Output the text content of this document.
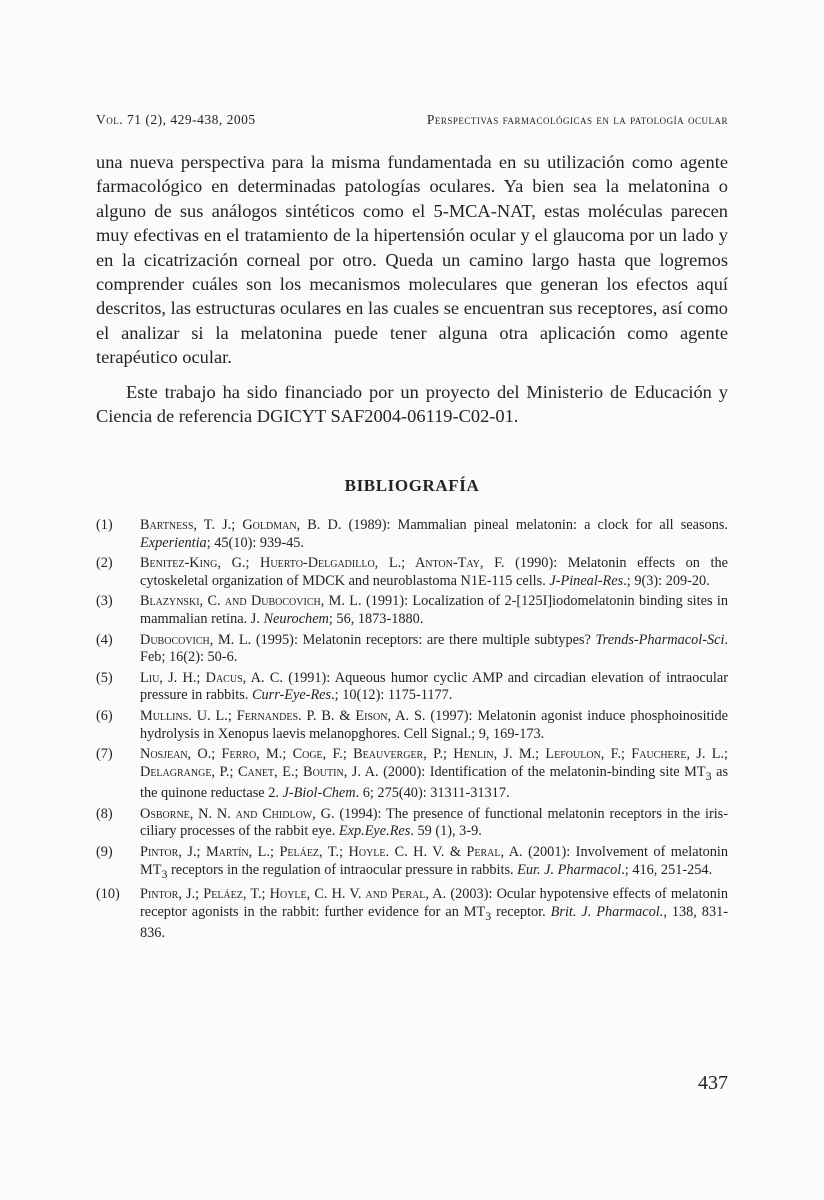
Vol. 71 (2), 429-438, 2005	Perspectivas farmacológicas en la patología ocular

una nueva perspectiva para la misma fundamentada en su utilización como agente farmacológico en determinadas patologías oculares. Ya bien sea la melatonina o alguno de sus análogos sintéticos como el 5-MCA-NAT, estas moléculas parecen muy efectivas en el tratamiento de la hipertensión ocular y el glaucoma por un lado y en la cicatrización corneal por otro. Queda un camino largo hasta que logremos comprender cuáles son los mecanismos moleculares que generan los efectos aquí descritos, las estructuras oculares en las cuales se encuentran sus receptores, así como el analizar si la melatonina puede tener alguna otra aplicación como agente terapéutico ocular.

Este trabajo ha sido financiado por un proyecto del Ministerio de Educación y Ciencia de referencia DGICYT SAF2004-06119-C02-01.

BIBLIOGRAFÍA
(1)	Bartness, T. J.; Goldman, B. D. (1989): Mammalian pineal melatonin: a clock for all seasons. Experientia; 45(10): 939-45.
(2)	Benitez-King, G.; Huerto-Delgadillo, L.; Anton-Tay, F. (1990): Melatonin effects on the cytoskeletal organization of MDCK and neuroblastoma N1E-115 cells. J-Pineal-Res.; 9(3): 209-20.
(3)	Blazynski, C. and Dubocovich, M. L. (1991): Localization of 2-[125I]iodomelatonin binding sites in mammalian retina. J. Neurochem; 56, 1873-1880.
(4)	Dubocovich, M. L. (1995): Melatonin receptors: are there multiple subtypes? Trends-Pharmacol-Sci. Feb; 16(2): 50-6.
(5)	Liu, J. H.; Dacus, A. C. (1991): Aqueous humor cyclic AMP and circadian elevation of intraocular pressure in rabbits. Curr-Eye-Res.; 10(12): 1175-1177.
(6)	Mullins. U. L.; Fernandes. P. B. & Eison, A. S. (1997): Melatonin agonist induce phosphoinositide hydrolysis in Xenopus laevis melanopghores. Cell Signal.; 9, 169-173.
(7)	Nosjean, O.; Ferro, M.; Coge, F.; Beauverger, P.; Henlin, J. M.; Lefoulon, F.; Fauchere, J. L.; Delagrange, P.; Canet, E.; Boutin, J. A. (2000): Identification of the melatonin-binding site $MT_3$ as the quinone reductase 2. J-Biol-Chem. 6; 275(40): 31311-31317.
(8)	Osborne, N. N. and Chidlow, G. (1994): The presence of functional melatonin receptors in the iris-ciliary processes of the rabbit eye. Exp.Eye.Res. 59 (1), 3-9.
(9)	Pintor, J.; Martín, L.; Peláez, T.; Hoyle. C. H. V. & Peral, A. (2001): Involvement of melatonin $MT_3$ receptors in the regulation of intraocular pressure in rabbits. Eur. J. Pharmacol.; 416, 251-254.
(10)	Pintor, J.; Peláez, T.; Hoyle, C. H. V. and Peral, A. (2003): Ocular hypotensive effects of melatonin receptor agonists in the rabbit: further evidence for an $MT_3$ receptor. Brit. J. Pharmacol., 138, 831-836.
437
